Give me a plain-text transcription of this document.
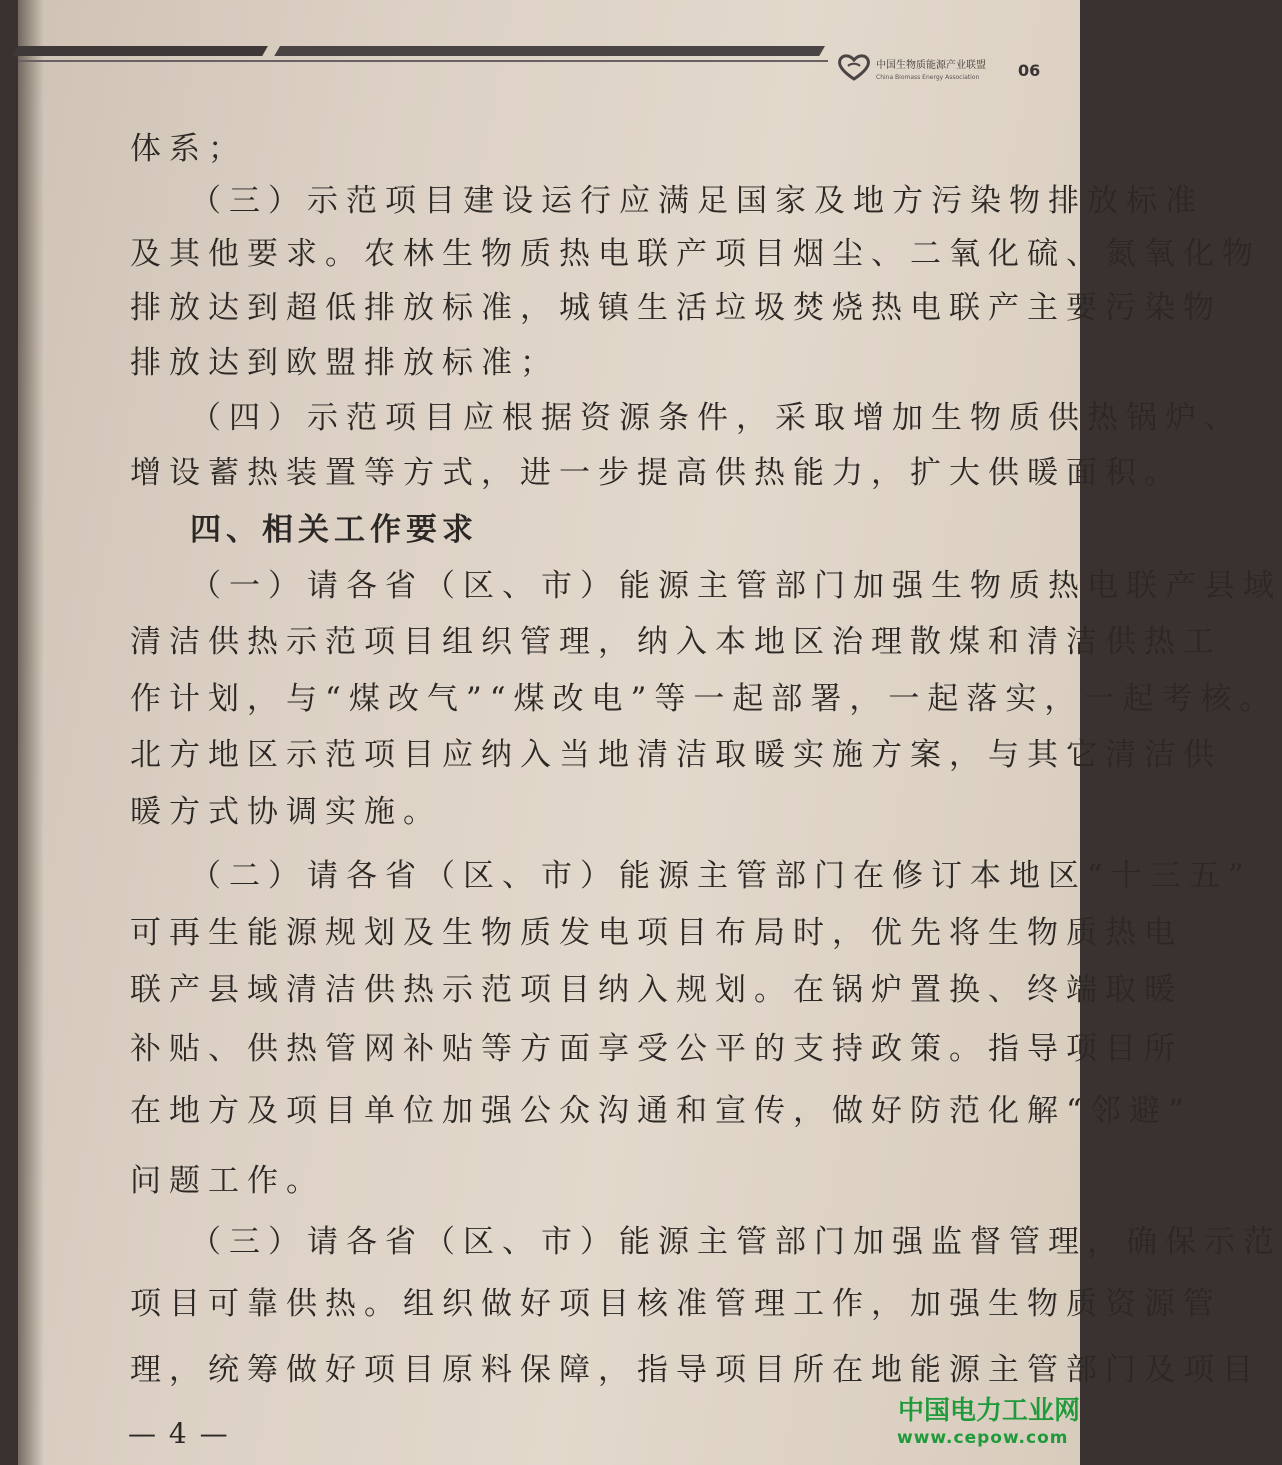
中国生物质能源产业联盟
China Biomass Energy Association 06
体系；
（三）示范项目建设运行应满足国家及地方污染物排放标准
及其他要求。农林生物质热电联产项目烟尘、二氧化硫、氮氧化物
排放达到超低排放标准，城镇生活垃圾焚烧热电联产主要污染物
排放达到欧盟排放标准；
（四）示范项目应根据资源条件，采取增加生物质供热锅炉、
增设蓄热装置等方式，进一步提高供热能力，扩大供暖面积。
四、相关工作要求
（一）请各省（区、市）能源主管部门加强生物质热电联产县域
清洁供热示范项目组织管理，纳入本地区治理散煤和清洁供热工
作计划，与“煤改气”“煤改电”等一起部署，一起落实，一起考核。
北方地区示范项目应纳入当地清洁取暖实施方案，与其它清洁供
暖方式协调实施。
（二）请各省（区、市）能源主管部门在修订本地区“十三五”
可再生能源规划及生物质发电项目布局时，优先将生物质热电
联产县域清洁供热示范项目纳入规划。在锅炉置换、终端取暖
补贴、供热管网补贴等方面享受公平的支持政策。指导项目所
在地方及项目单位加强公众沟通和宣传，做好防范化解“邻避”
问题工作。
（三）请各省（区、市）能源主管部门加强监督管理，确保示范
项目可靠供热。组织做好项目核准管理工作，加强生物质资源管
理，统筹做好项目原料保障，指导项目所在地能源主管部门及项目
— 4 —
中国电力工业网
www.cepow.com
